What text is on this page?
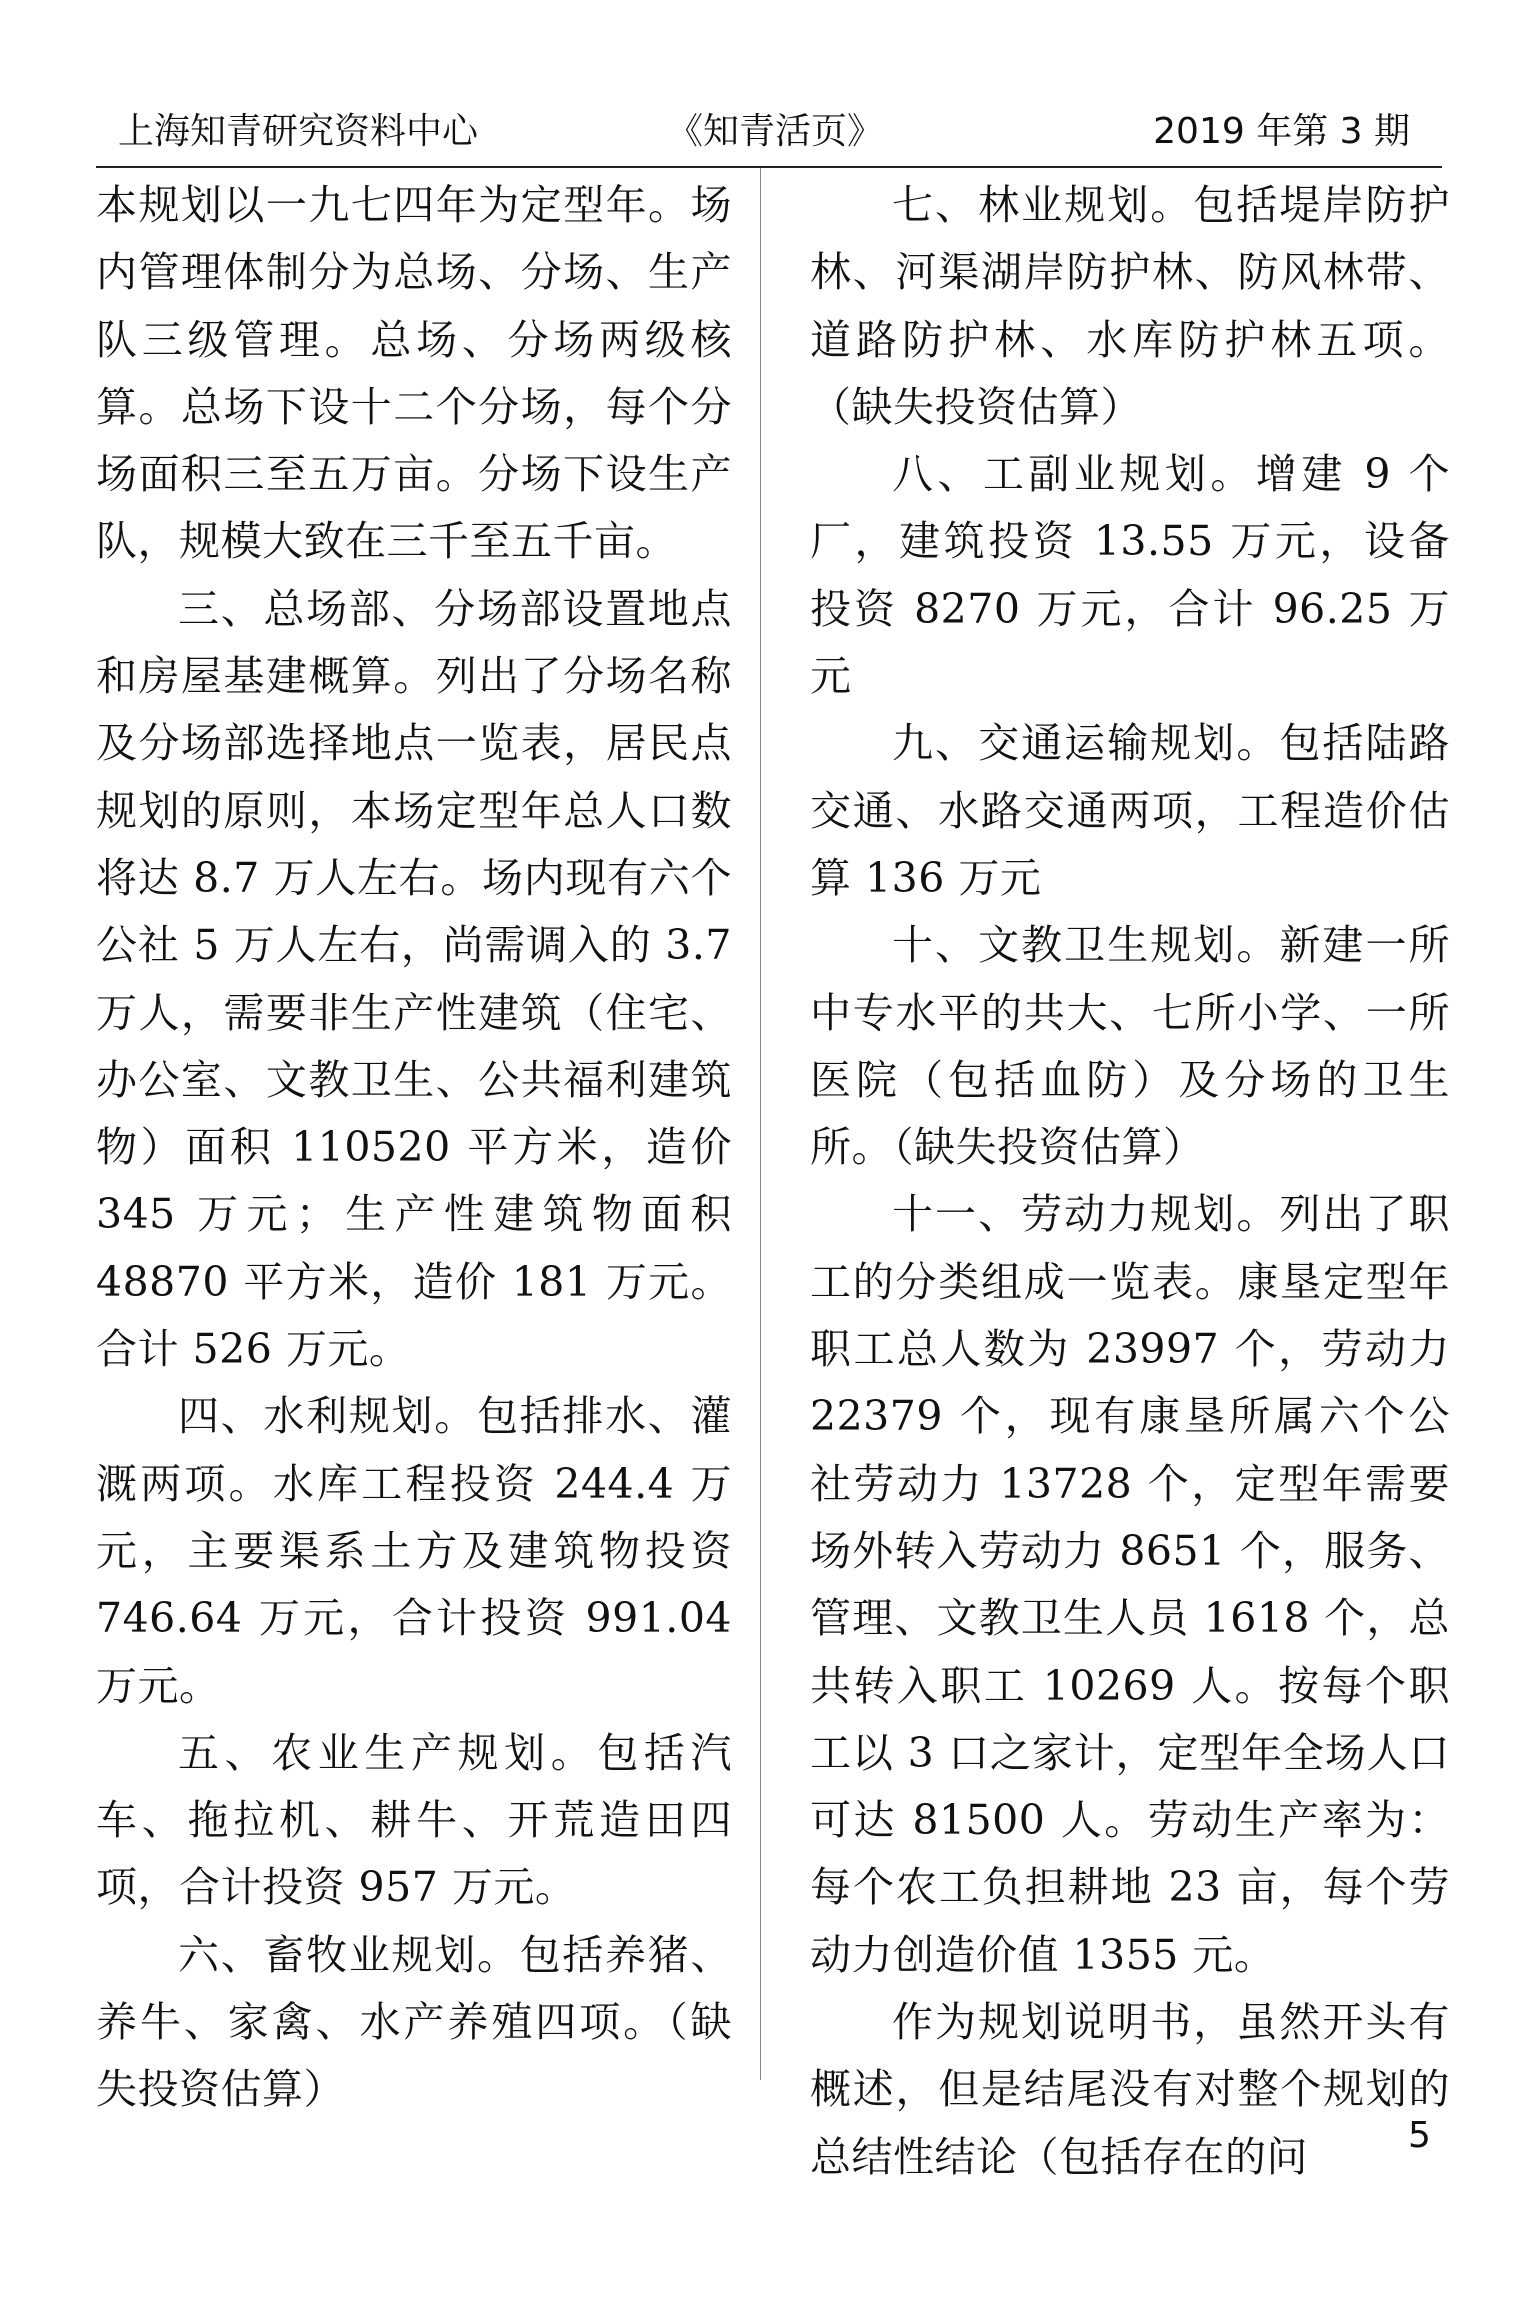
上海知青研究资料中心	《知青活页》	2019 年第 3 期

本规划以一九七四年为定型年。场内管理体制分为总场、分场、生产队三级管理。总场、分场两级核算。总场下设十二个分场，每个分场面积三至五万亩。分场下设生产队，规模大致在三千至五千亩。

三、总场部、分场部设置地点和房屋基建概算。列出了分场名称及分场部选择地点一览表，居民点规划的原则，本场定型年总人口数将达 8.7 万人左右。场内现有六个公社 5 万人左右，尚需调入的 3.7 万人，需要非生产性建筑（住宅、办公室、文教卫生、公共福利建筑物）面积 110520 平方米，造价 345 万元；生产性建筑物面积 48870 平方米，造价 181 万元。合计 526 万元。

四、水利规划。包括排水、灌溉两项。水库工程投资 244.4 万元，主要渠系土方及建筑物投资 746.64 万元，合计投资 991.04 万元。

五、农业生产规划。包括汽车、拖拉机、耕牛、开荒造田四项，合计投资 957 万元。

六、畜牧业规划。包括养猪、养牛、家禽、水产养殖四项。（缺失投资估算）

七、林业规划。包括堤岸防护林、河渠湖岸防护林、防风林带、道路防护林、水库防护林五项。（缺失投资估算）

八、工副业规划。增建 9 个厂，建筑投资 13.55 万元，设备投资 8270 万元，合计 96.25 万元

九、交通运输规划。包括陆路交通、水路交通两项，工程造价估算 136 万元

十、文教卫生规划。新建一所中专水平的共大、七所小学、一所医院（包括血防）及分场的卫生所。（缺失投资估算）

十一、劳动力规划。列出了职工的分类组成一览表。康垦定型年职工总人数为 23997 个，劳动力 22379 个，现有康垦所属六个公社劳动力 13728 个，定型年需要场外转入劳动力 8651 个，服务、管理、文教卫生人员 1618 个，总共转入职工 10269 人。按每个职工以 3 口之家计，定型年全场人口可达 81500 人。劳动生产率为：每个农工负担耕地 23 亩，每个劳动力创造价值 1355 元。

作为规划说明书，虽然开头有概述，但是结尾没有对整个规划的总结性结论（包括存在的问	5
